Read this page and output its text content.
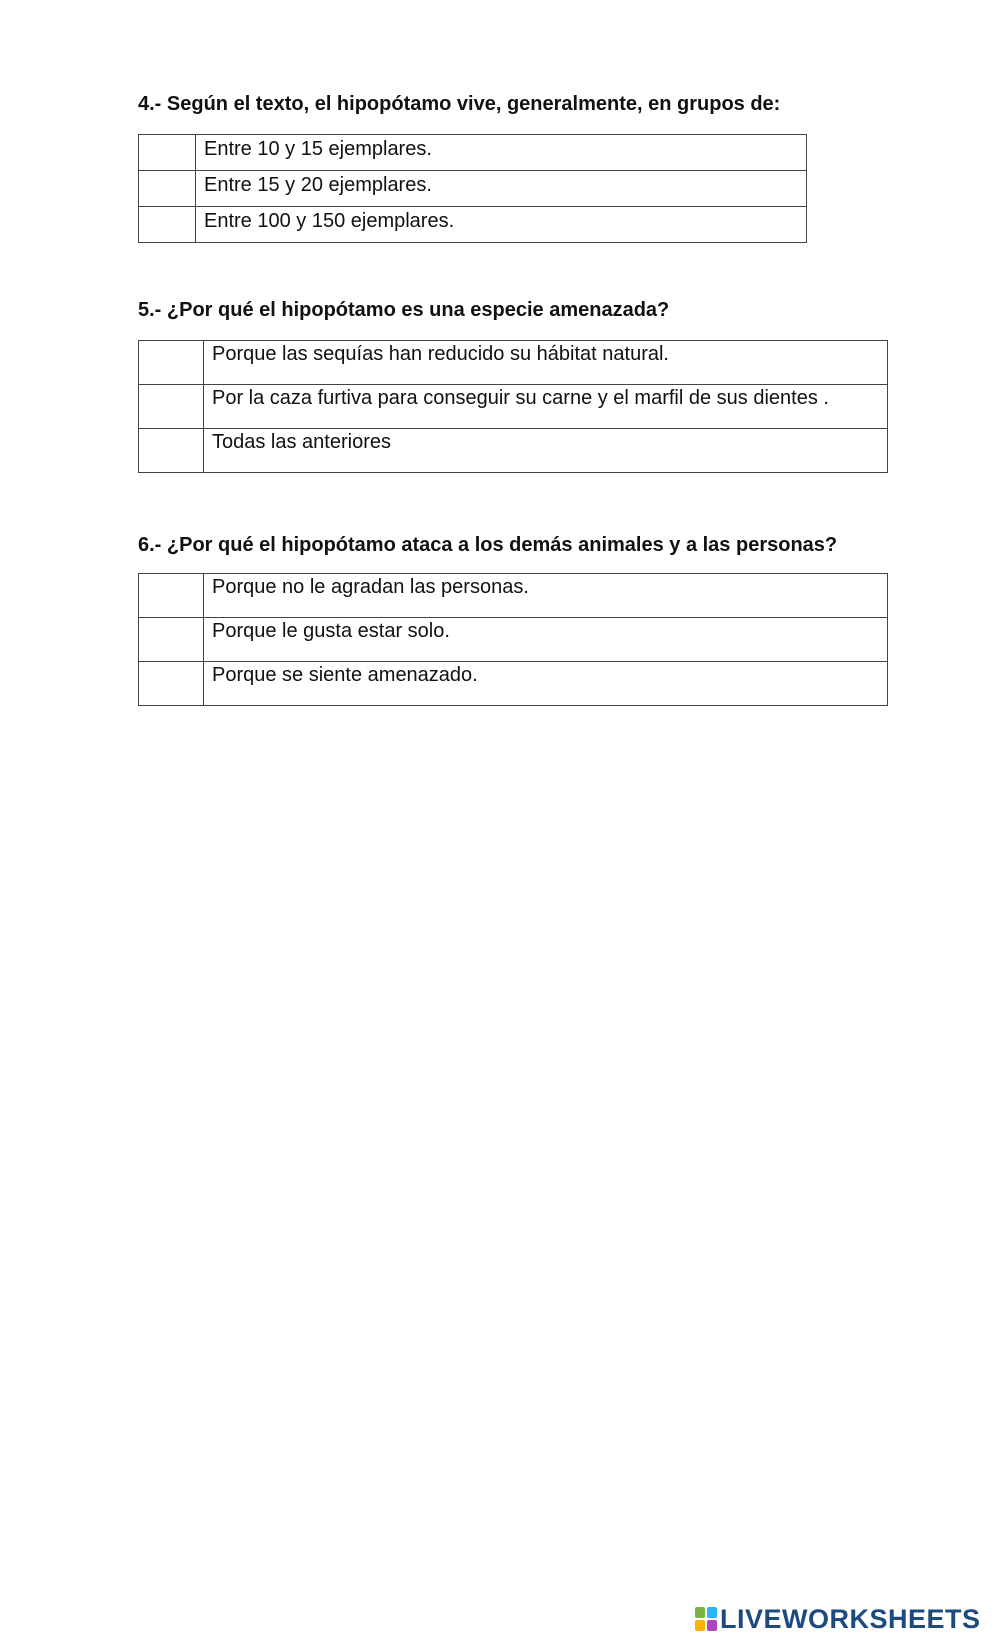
4.- Según el texto, el hipopótamo vive, generalmente, en grupos de:
	Entre 10 y 15 ejemplares.
	Entre 15 y 20 ejemplares.
	Entre 100 y 150 ejemplares.
5.- ¿Por qué el hipopótamo es una especie amenazada?
	Porque las sequías han reducido su hábitat natural.
	Por la caza furtiva para conseguir su carne y el marfil de sus dientes .
	Todas las anteriores
6.- ¿Por qué el hipopótamo ataca a los demás animales y a las personas?
	Porque no le agradan las personas.
	Porque le gusta estar solo.
	Porque se siente amenazado.
LIVEWORKSHEETS
